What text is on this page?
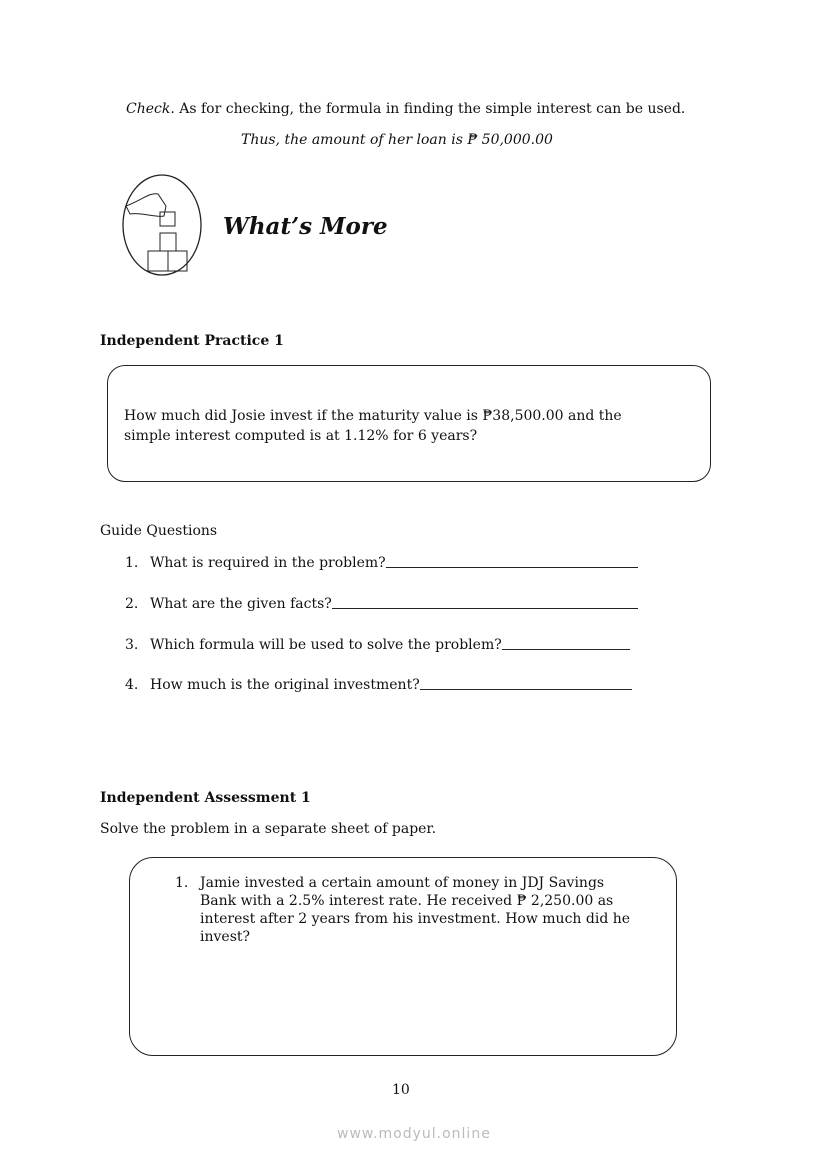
Check. As for checking, the formula in finding the simple interest can be used.
Thus, the amount of her loan is ₱ 50,000.00
What’s More
Independent Practice 1
How much did Josie invest if the maturity value is ₱38,500.00 and the
simple interest computed is at 1.12% for 6 years?
Guide Questions
1. What is required in the problem?
2. What are the given facts?
3. Which formula will be used to solve the problem?
4. How much is the original investment?
Independent Assessment 1
Solve the problem in a separate sheet of paper.
1. Jamie invested a certain amount of money in JDJ Savings
Bank with a 2.5% interest rate. He received ₱ 2,250.00 as
interest after 2 years from his investment. How much did he
invest?
10
www.modyul.online
